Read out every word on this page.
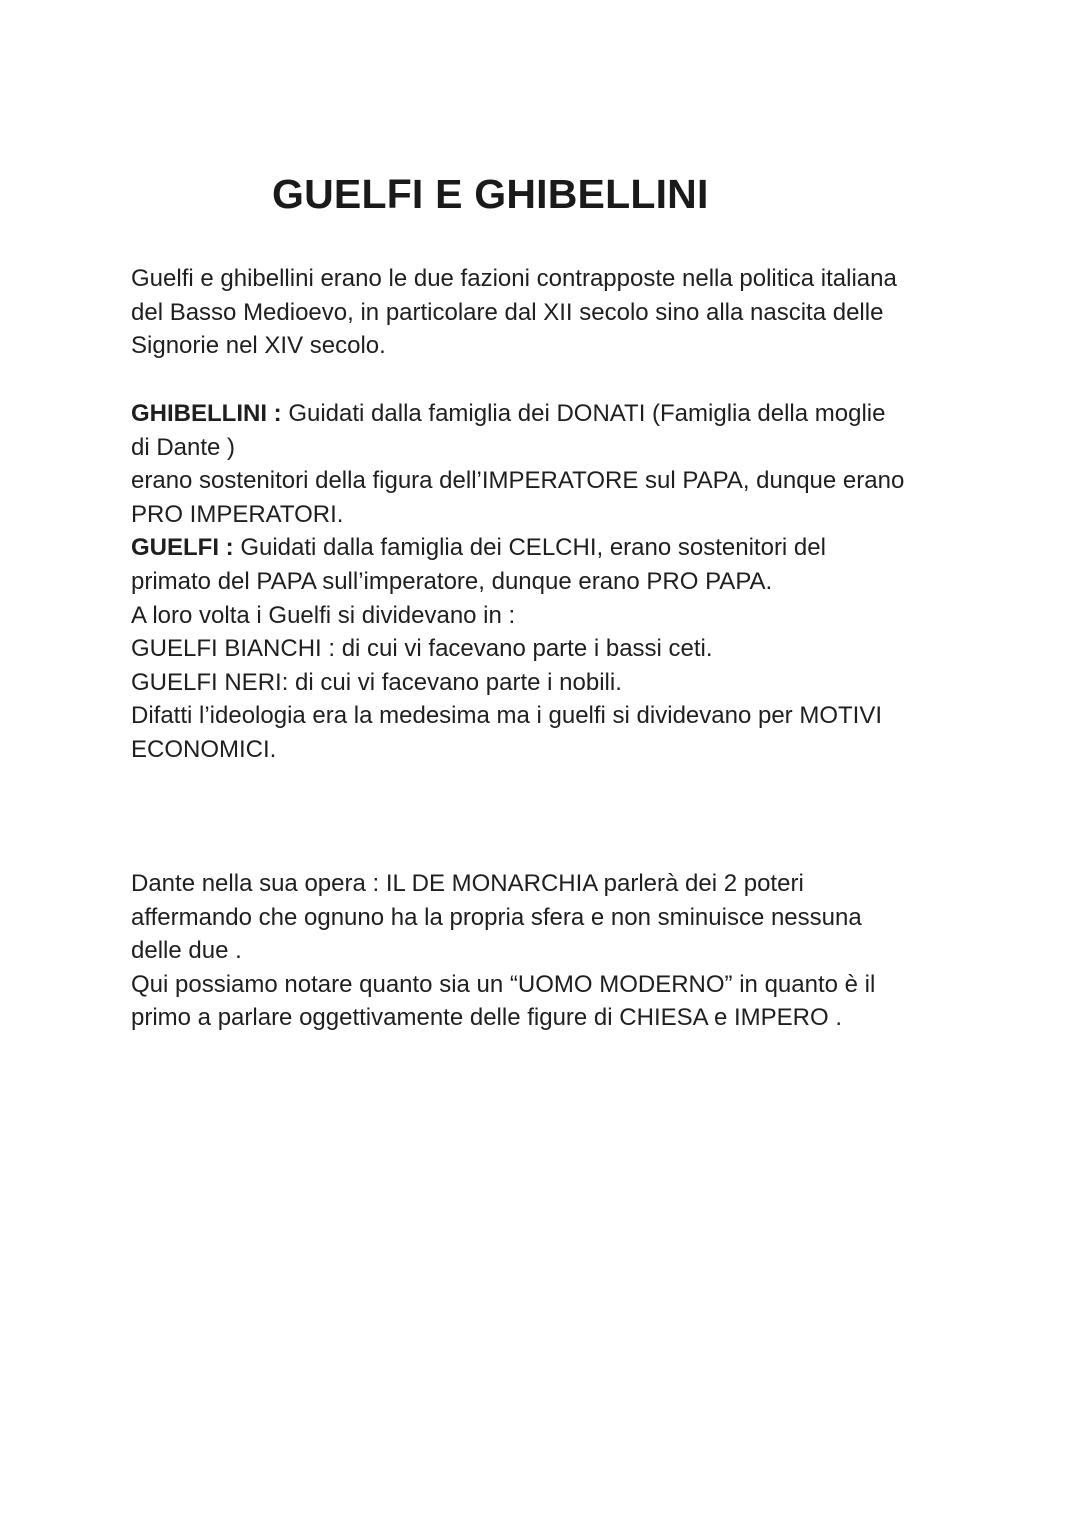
GUELFI E GHIBELLINI

Guelfi e ghibellini erano le due fazioni contrapposte nella politica italiana

del Basso Medioevo, in particolare dal XII secolo sino alla nascita delle

Signorie nel XIV secolo.

GHIBELLINI : Guidati dalla famiglia dei DONATI (Famiglia della moglie

di Dante )

erano sostenitori della figura dell’IMPERATORE sul PAPA, dunque erano

PRO IMPERATORI.

GUELFI : Guidati dalla famiglia dei CELCHI, erano sostenitori del

primato del PAPA sull’imperatore, dunque erano PRO PAPA.

A loro volta i Guelfi si dividevano in :

GUELFI BIANCHI : di cui vi facevano parte i bassi ceti.

GUELFI NERI: di cui vi facevano parte i nobili.

Difatti l’ideologia era la medesima ma i guelfi si dividevano per MOTIVI

ECONOMICI.

Dante nella sua opera : IL DE MONARCHIA parlerà dei 2 poteri

affermando che ognuno ha la propria sfera e non sminuisce nessuna

delle due .

Qui possiamo notare quanto sia un “UOMO MODERNO” in quanto è il

primo a parlare oggettivamente delle figure di CHIESA e IMPERO .
